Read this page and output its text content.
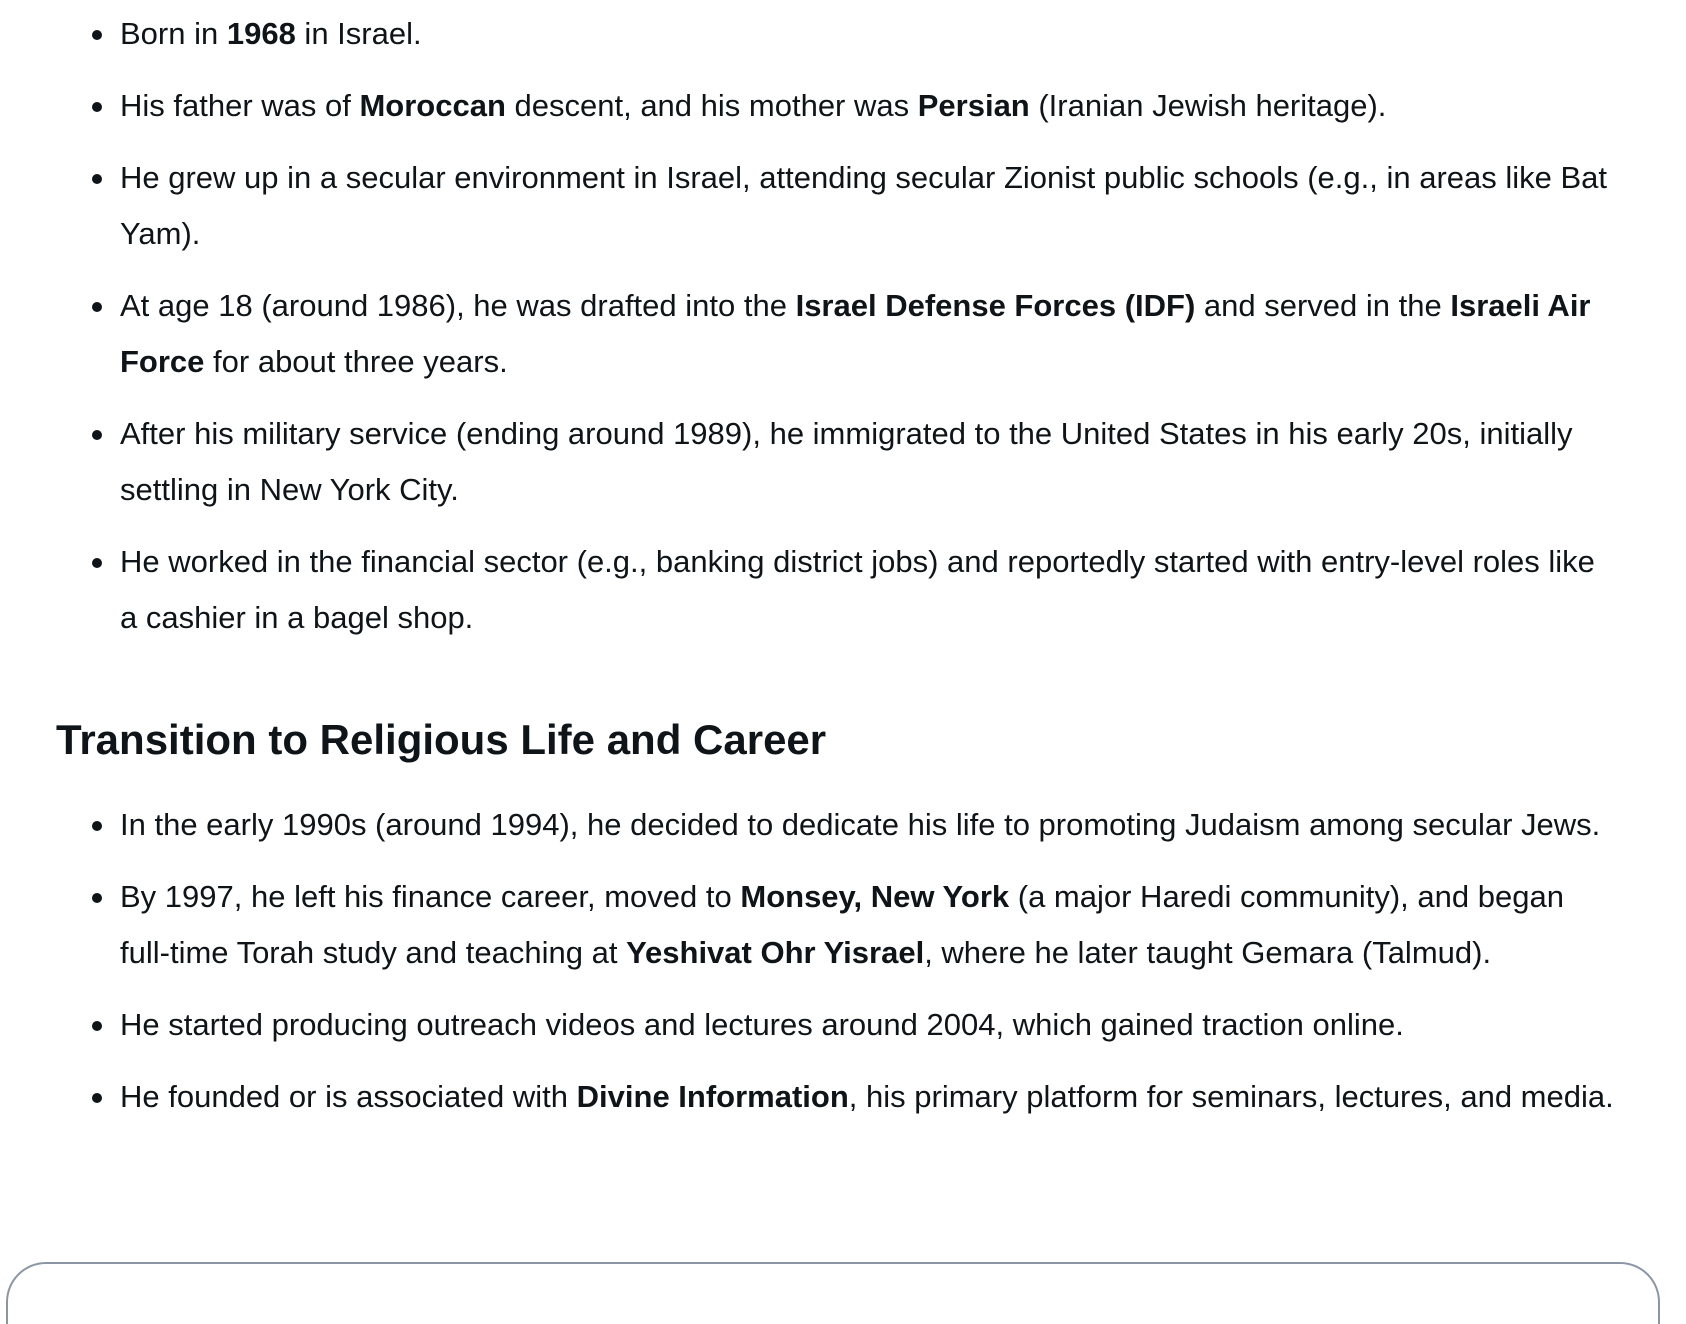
Born in 1968 in Israel.
His father was of Moroccan descent, and his mother was Persian (Iranian Jewish heritage).
He grew up in a secular environment in Israel, attending secular Zionist public schools (e.g., in areas like Bat Yam).
At age 18 (around 1986), he was drafted into the Israel Defense Forces (IDF) and served in the Israeli Air Force for about three years.
After his military service (ending around 1989), he immigrated to the United States in his early 20s, initially settling in New York City.
He worked in the financial sector (e.g., banking district jobs) and reportedly started with entry-level roles like a cashier in a bagel shop.
Transition to Religious Life and Career
In the early 1990s (around 1994), he decided to dedicate his life to promoting Judaism among secular Jews.
By 1997, he left his finance career, moved to Monsey, New York (a major Haredi community), and began full-time Torah study and teaching at Yeshivat Ohr Yisrael, where he later taught Gemara (Talmud).
He started producing outreach videos and lectures around 2004, which gained traction online.
He founded or is associated with Divine Information, his primary platform for seminars, lectures, and media.
